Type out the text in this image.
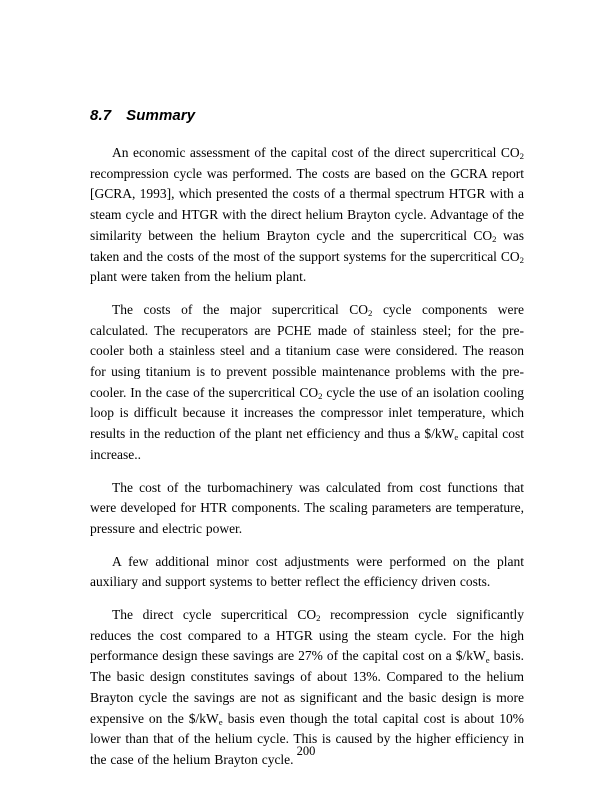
8.7 Summary

An economic assessment of the capital cost of the direct supercritical $CO_2$ recompression cycle was performed. The costs are based on the GCRA report [GCRA, 1993], which presented the costs of a thermal spectrum HTGR with a steam cycle and HTGR with the direct helium Brayton cycle. Advantage of the similarity between the helium Brayton cycle and the supercritical $CO_2$ was taken and the costs of the most of the support systems for the supercritical $CO_2$ plant were taken from the helium plant.

The costs of the major supercritical $CO_2$ cycle components were calculated. The recuperators are PCHE made of stainless steel; for the pre-cooler both a stainless steel and a titanium case were considered. The reason for using titanium is to prevent possible maintenance problems with the pre-cooler. In the case of the supercritical $CO_2$ cycle the use of an isolation cooling loop is difficult because it increases the compressor inlet temperature, which results in the reduction of the plant net efficiency and thus a $\$/kW_e$ capital cost increase..

The cost of the turbomachinery was calculated from cost functions that were developed for HTR components. The scaling parameters are temperature, pressure and electric power.

A few additional minor cost adjustments were performed on the plant auxiliary and support systems to better reflect the efficiency driven costs.

The direct cycle supercritical $CO_2$ recompression cycle significantly reduces the cost compared to a HTGR using the steam cycle. For the high performance design these savings are 27% of the capital cost on a $\$/kW_e$ basis. The basic design constitutes savings of about 13%. Compared to the helium Brayton cycle the savings are not as significant and the basic design is more expensive on the $\$/kW_e$ basis even though the total capital cost is about 10% lower than that of the helium cycle. This is caused by the higher efficiency in the case of the helium Brayton cycle.

200
